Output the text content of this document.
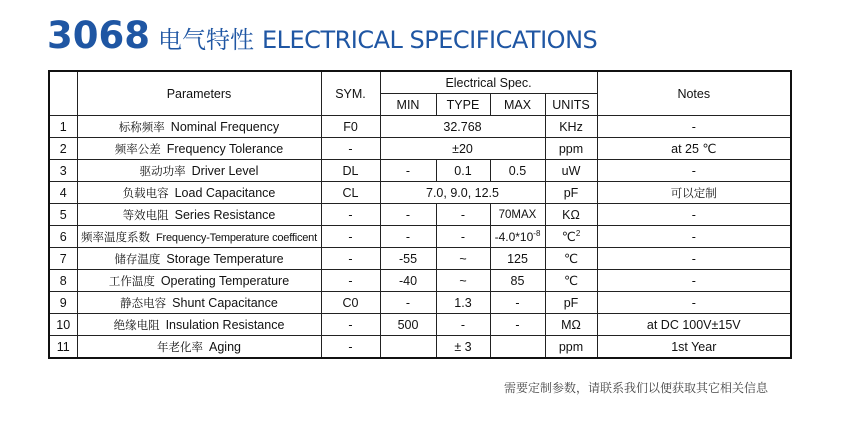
3068 电气特性 ELECTRICAL SPECIFICATIONS
	Parameters	SYM.	Electrical Spec.				Notes
			MIN	TYPE	MAX	UNITS	
1	标称频率 Nominal Frequency	F0	32.768			KHz	-
2	频率公差 Frequency Tolerance	-	±20			ppm	at 25 ℃
3	驱动功率 Driver Level	DL	-	0.1	0.5	uW	-
4	负载电容 Load Capacitance	CL	7.0, 9.0, 12.5			pF	可以定制
5	等效电阻 Series Resistance	-	-	-	70MAX	KΩ	-
6	频率温度系数 Frequency-Temperature coefficent	-	-	-	$-4.0*10^{-8}$	℃$^2$	-
7	储存温度 Storage Temperature	-	-55	~	125	℃	-
8	工作温度 Operating Temperature	-	-40	~	85	℃	-
9	静态电容 Shunt Capacitance	C0	-	1.3	-	pF	-
10	绝缘电阻 Insulation Resistance	-	500	-	-	MΩ	at DC 100V±15V
11	年老化率 Aging	-		± 3		ppm	1st Year
需要定制参数，请联系我们以便获取其它相关信息
